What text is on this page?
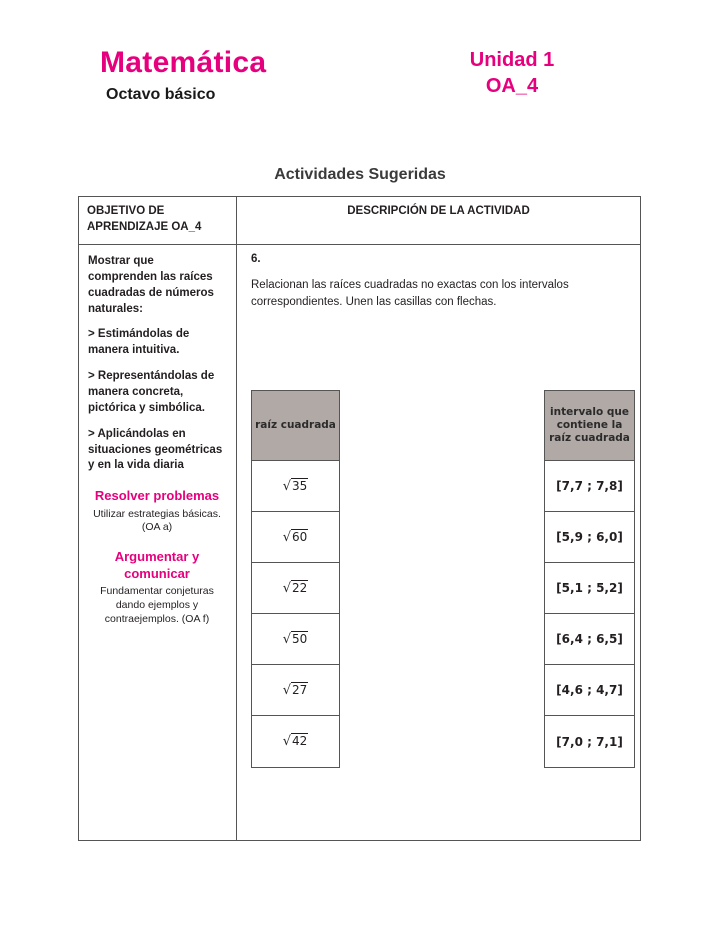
Matemática
Octavo básico
Unidad 1
OA_4
Actividades Sugeridas
OBJETIVO DE APRENDIZAJE OA_4
DESCRIPCIÓN DE LA ACTIVIDAD

Mostrar que comprenden las raíces cuadradas de números naturales:

> Estimándolas de manera intuitiva.

> Representándolas de manera concreta, pictórica y simbólica.

> Aplicándolas en situaciones geométricas y en la vida diaria

Resolver problemas
Utilizar estrategias básicas. (OA a)
Argumentar y comunicar
Fundamentar conjeturas dando ejemplos y contraejemplos. (OA f)
6.
Relacionan las raíces cuadradas no exactas con los intervalos correspondientes. Unen las casillas con flechas.
raíz cuadrada
√35
√60
√22
√50
√27
√42
intervalo que contiene la raíz cuadrada
[7,7 ; 7,8]
[5,9 ; 6,0]
[5,1 ; 5,2]
[6,4 ; 6,5]
[4,6 ; 4,7]
[7,0 ; 7,1]
